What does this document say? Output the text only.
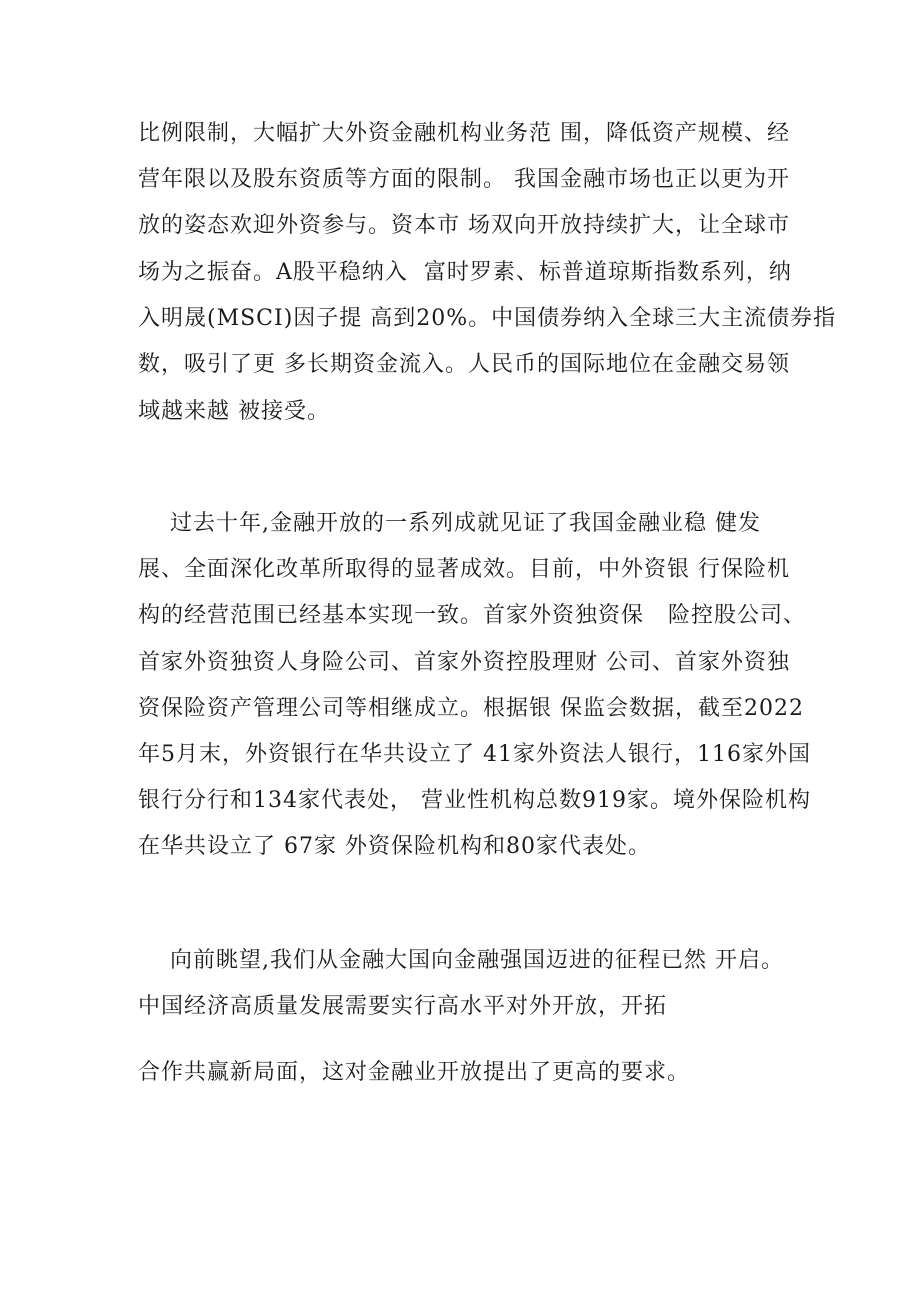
比例限制，大幅扩大外资金融机构业务范 围，降低资产规模、经
营年限以及股东资质等方面的限制。 我国金融市场也正以更为开
放的姿态欢迎外资参与。资本市 场双向开放持续扩大，让全球市
场为之振奋。A股平稳纳入  富时罗素、标普道琼斯指数系列，纳
入明晟(MSCI)因子提 高到20%。中国债券纳入全球三大主流债券指
数，吸引了更 多长期资金流入。人民币的国际地位在金融交易领
域越来越 被接受。
过去十年,金融开放的一系列成就见证了我国金融业稳 健发
展、全面深化改革所取得的显著成效。目前，中外资银 行保险机
构的经营范围已经基本实现一致。首家外资独资保   险控股公司、
首家外资独资人身险公司、首家外资控股理财 公司、首家外资独
资保险资产管理公司等相继成立。根据银 保监会数据，截至2022
年5月末，外资银行在华共设立了 41家外资法人银行，116家外国
银行分行和134家代表处， 营业性机构总数919家。境外保险机构
在华共设立了 67家 外资保险机构和80家代表处。
向前眺望,我们从金融大国向金融强国迈进的征程已然 开启。
中国经济高质量发展需要实行高水平对外开放，开拓
合作共赢新局面，这对金融业开放提出了更高的要求。
